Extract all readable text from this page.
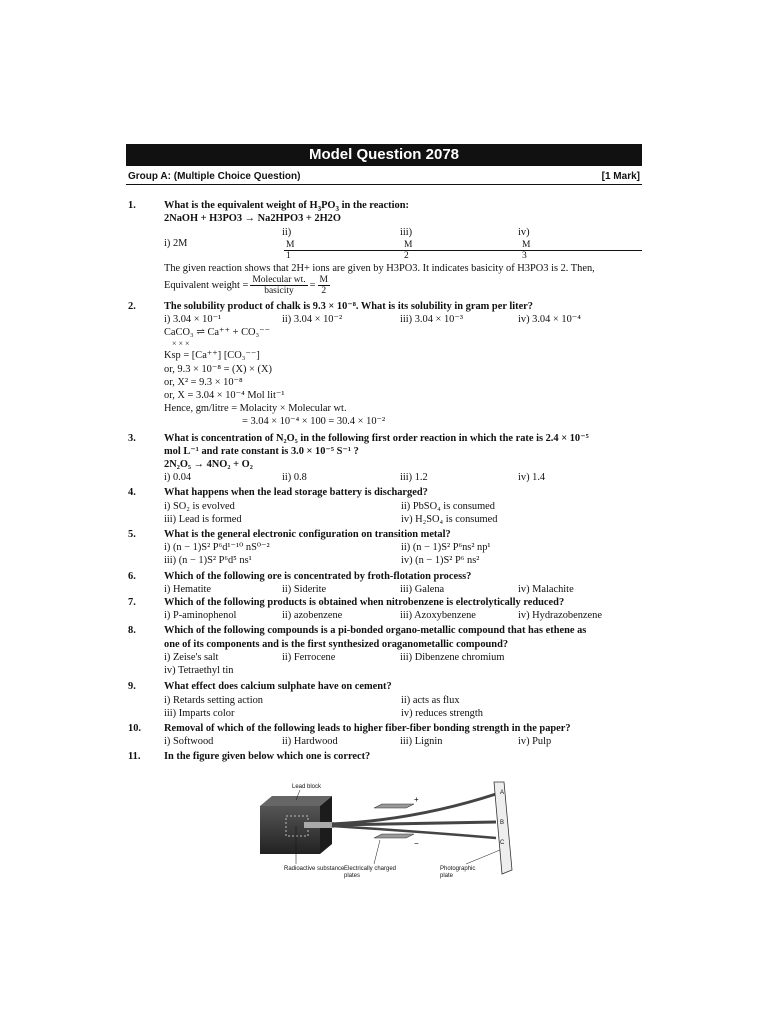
Model Question 2078
Group A: (Multiple Choice Question)	[1 Mark]
1.	What is the equivalent weight of $H_3PO_3$ in the reaction:
2NaOH + H3PO3 → Na2HPO3 + 2H2O
i) 2M
$ii) \frac{M}{1}$
$iii) \frac{M}{2}$
$iv) \frac{M}{3}$
The given reaction shows that 2H+ ions are given by H3PO3. It indicates basicity of H3PO3 is 2. Then,
Equivalent weight = $\frac{\text{Molecular wt.}}{\text{basicity}} = \frac{M}{2}$
2.	The solubility product of chalk is 9.3 × 10⁻⁸. What is its solubility in gram per liter?
i) 3.04 × 10⁻¹	ii) 3.04 × 10⁻²	iii) 3.04 × 10⁻³	iv) 3.04 × 10⁻⁴
CaCO₃ ⇌ Ca⁺⁺ + CO₃⁻⁻
× × ×
Ksp = [Ca⁺⁺] [CO₃⁻⁻]
or, 9.3 × 10⁻⁸ = (X) × (X)
or, X² = 9.3 × 10⁻⁸
or, X = 3.04 × 10⁻⁴ Mol lit⁻¹
Hence, gm/litre = Molacity × Molecular wt.
= 3.04 × 10⁻⁴ × 100 = 30.4 × 10⁻²
3.	What is concentration of N₂O₅ in the following first order reaction in which the rate is 2.4 × 10⁻⁵
mol L⁻¹ and rate constant is 3.0 × 10⁻⁵ S⁻¹ ?
2N₂O₅ → 4NO₂ + O₂
i) 0.04	ii) 0.8	iii) 1.2	iv) 1.4
4.	What happens when the lead storage battery is discharged?
i) SO₂ is evolved	ii) PbSO₄ is consumed
iii) Lead is formed	iv) H₂SO₄ is consumed
5.	What is the general electronic configuration on transition metal?
i) (n − 1)S² P⁶d¹⁻¹⁰ nS⁰⁻²	ii) (n − 1)S² P⁶ns² np¹
iii) (n − 1)S² P⁶d⁵ ns¹	iv) (n − 1)S² P⁶ ns²
6.	Which of the following ore is concentrated by froth-flotation process?
i) Hematite	ii) Siderite	iii) Galena	iv) Malachite
7.	Which of the following products is obtained when nitrobenzene is electrolytically reduced?
i) P-aminophenol	ii) azobenzene	iii) Azoxybenzene	iv) Hydrazobenzene
8.	Which of the following compounds is a pi-bonded organo-metallic compound that has ethene as
one of its components and is the first synthesized oraganometallic compound?
i) Zeise's salt	ii) Ferrocene	iii) Dibenzene chromium
iv) Tetraethyl tin
9.	What effect does calcium sulphate have on cement?
i) Retards setting action	ii) acts as flux
iii) Imparts color	iv) reduces strength
10. Removal of which of the following leads to higher fiber-fiber bonding strength in the paper?
i) Softwood	ii) Hardwood	iii) Lignin	iv) Pulp
11. In the figure given below which one is correct?
+
−
A
B
C
Lead block
Radioactive substance Electrically charged
plates
Photographic
plate
